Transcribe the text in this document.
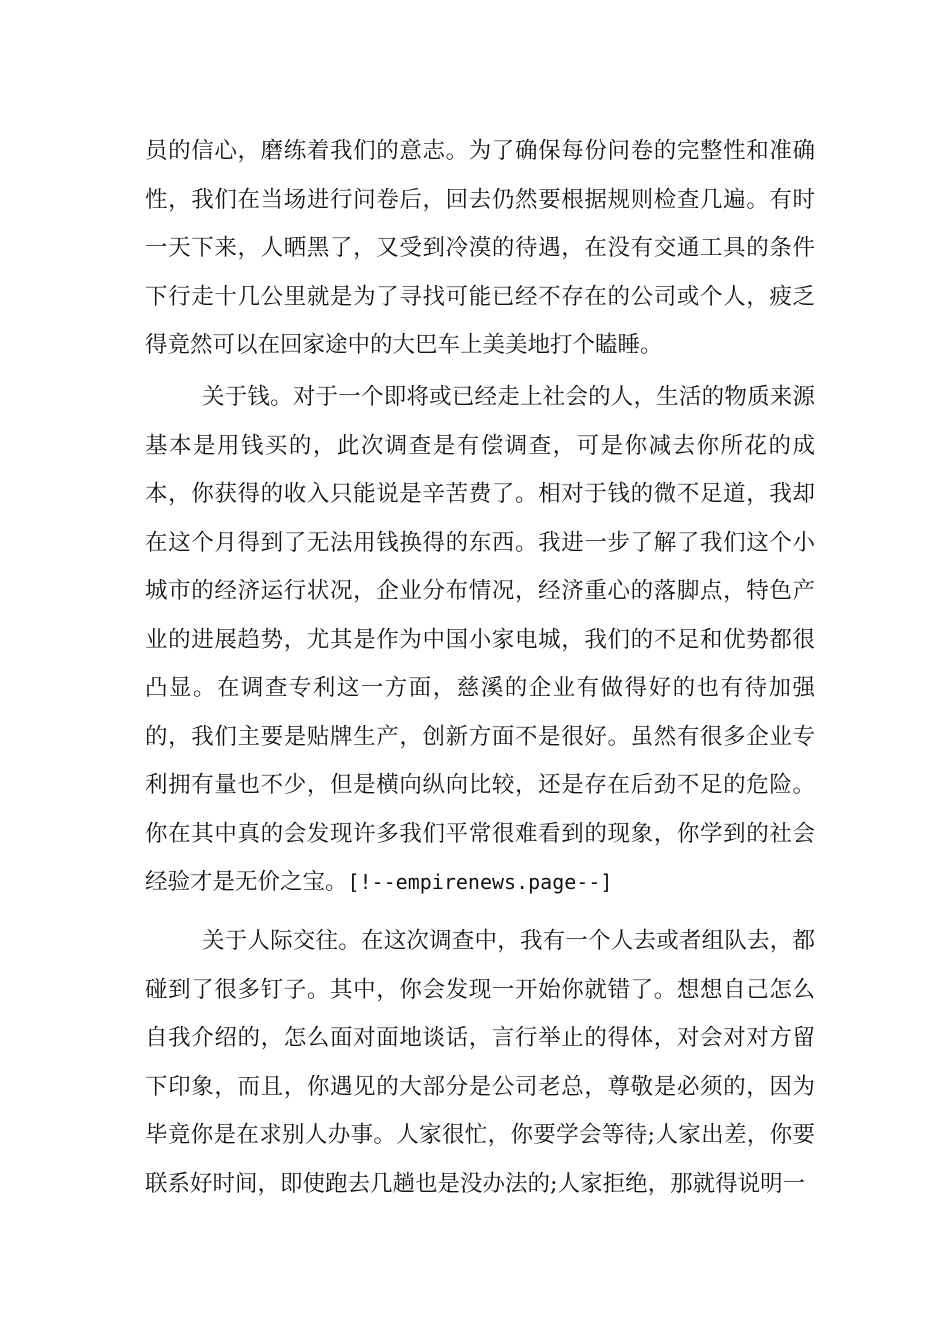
员的信心，磨练着我们的意志。为了确保每份问卷的完整性和准确性，我们在当场进行问卷后，回去仍然要根据规则检查几遍。有时一天下来，人晒黑了，又受到冷漠的待遇，在没有交通工具的条件下行走十几公里就是为了寻找可能已经不存在的公司或个人，疲乏得竟然可以在回家途中的大巴车上美美地打个瞌睡。

关于钱。对于一个即将或已经走上社会的人，生活的物质来源基本是用钱买的，此次调查是有偿调查，可是你减去你所花的成本，你获得的收入只能说是辛苦费了。相对于钱的微不足道，我却在这个月得到了无法用钱换得的东西。我进一步了解了我们这个小城市的经济运行状况，企业分布情况，经济重心的落脚点，特色产业的进展趋势，尤其是作为中国小家电城，我们的不足和优势都很凸显。在调查专利这一方面，慈溪的企业有做得好的也有待加强的，我们主要是贴牌生产，创新方面不是很好。虽然有很多企业专利拥有量也不少，但是横向纵向比较，还是存在后劲不足的危险。你在其中真的会发现许多我们平常很难看到的现象，你学到的社会经验才是无价之宝。[!--empirenews.page--]

关于人际交往。在这次调查中，我有一个人去或者组队去，都碰到了很多钉子。其中，你会发现一开始你就错了。想想自己怎么自我介绍的，怎么面对面地谈话，言行举止的得体，对会对对方留下印象，而且，你遇见的大部分是公司老总，尊敬是必须的，因为毕竟你是在求别人办事。人家很忙，你要学会等待;人家出差，你要联系好时间，即使跑去几趟也是没办法的;人家拒绝，那就得说明一
